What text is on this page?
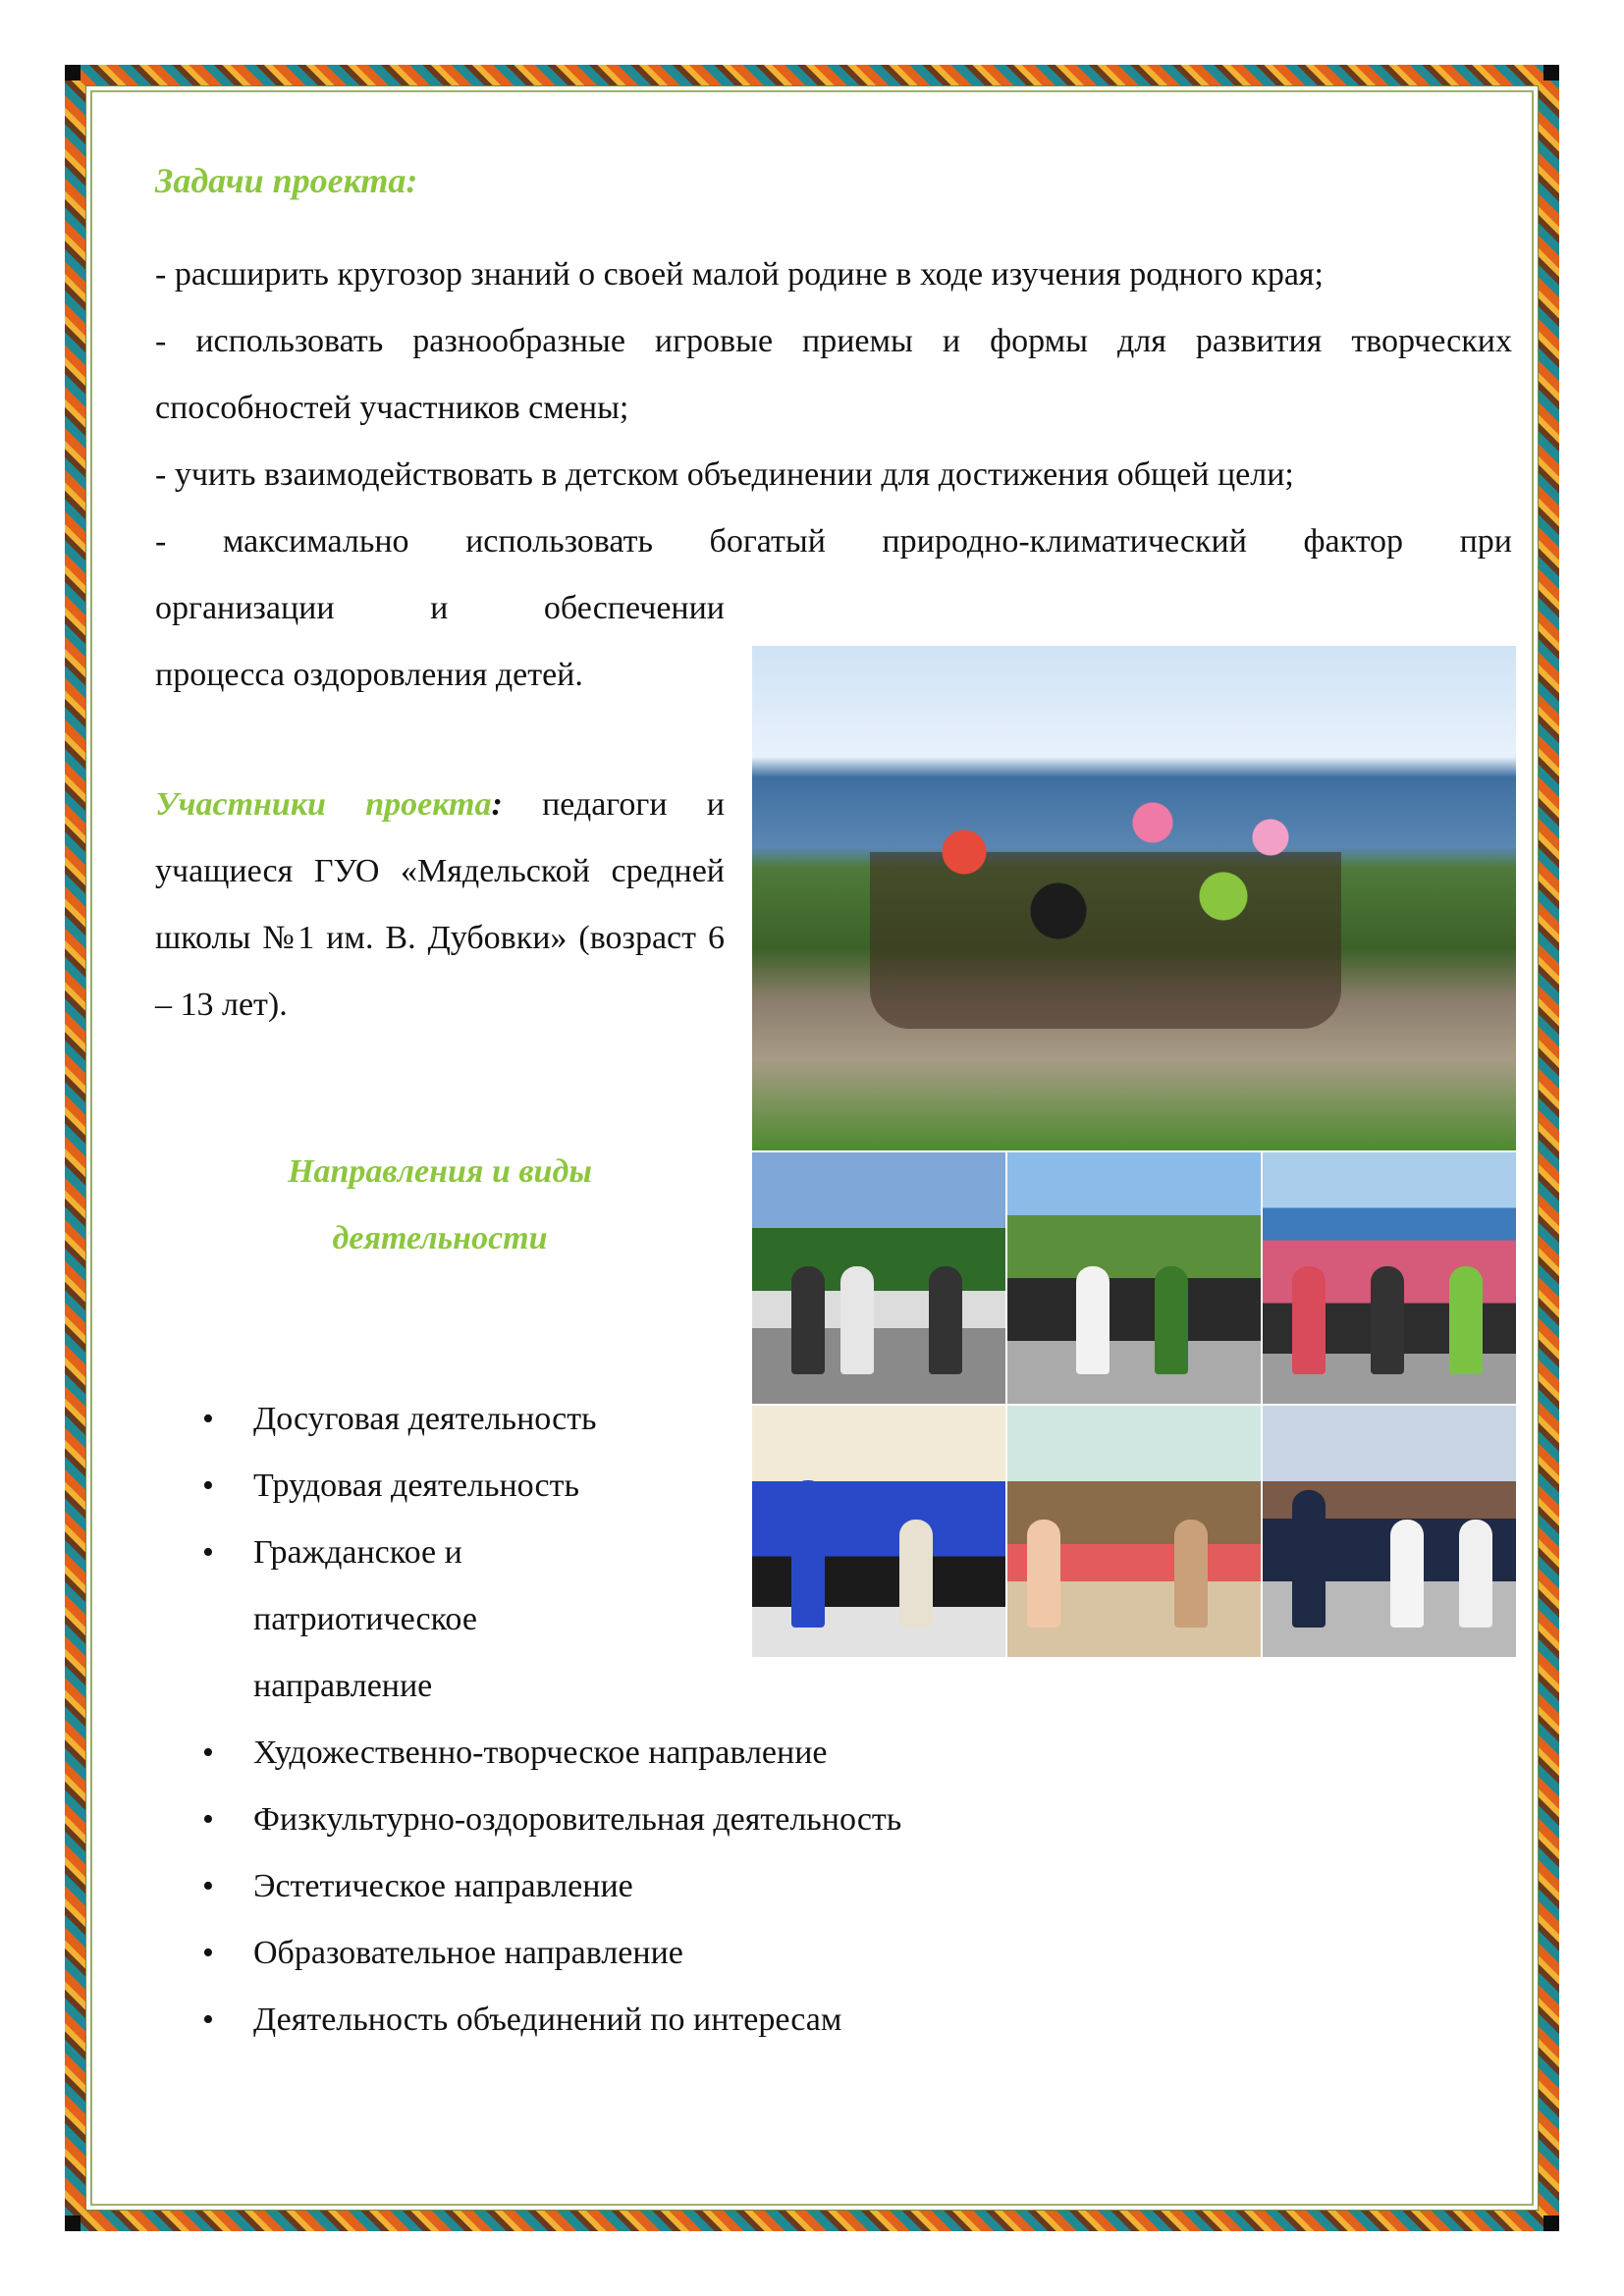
Задачи проекта:

- расширить кругозор знаний о своей малой родине в ходе изучения родного края;

- использовать разнообразные игровые приемы и формы для развития творческих способностей участников смены;

- учить взаимодействовать в детском объединении для достижения общей цели;

- максимально использовать богатый природно-климатический фактор при

организации и обеспечении

процесса оздоровления детей.

Участники проекта: педагоги и учащиеся ГУО «Мядельской средней школы №1 им. В. Дубовки» (возраст 6 – 13 лет).
Направления и виды
деятельности
• Досуговая деятельность
• Трудовая деятельность
• Гражданское и патриотическое направление
• Художественно-творческое направление
• Физкультурно-оздоровительная деятельность
• Эстетическое направление
• Образовательное направление
• Деятельность объединений по интересам
